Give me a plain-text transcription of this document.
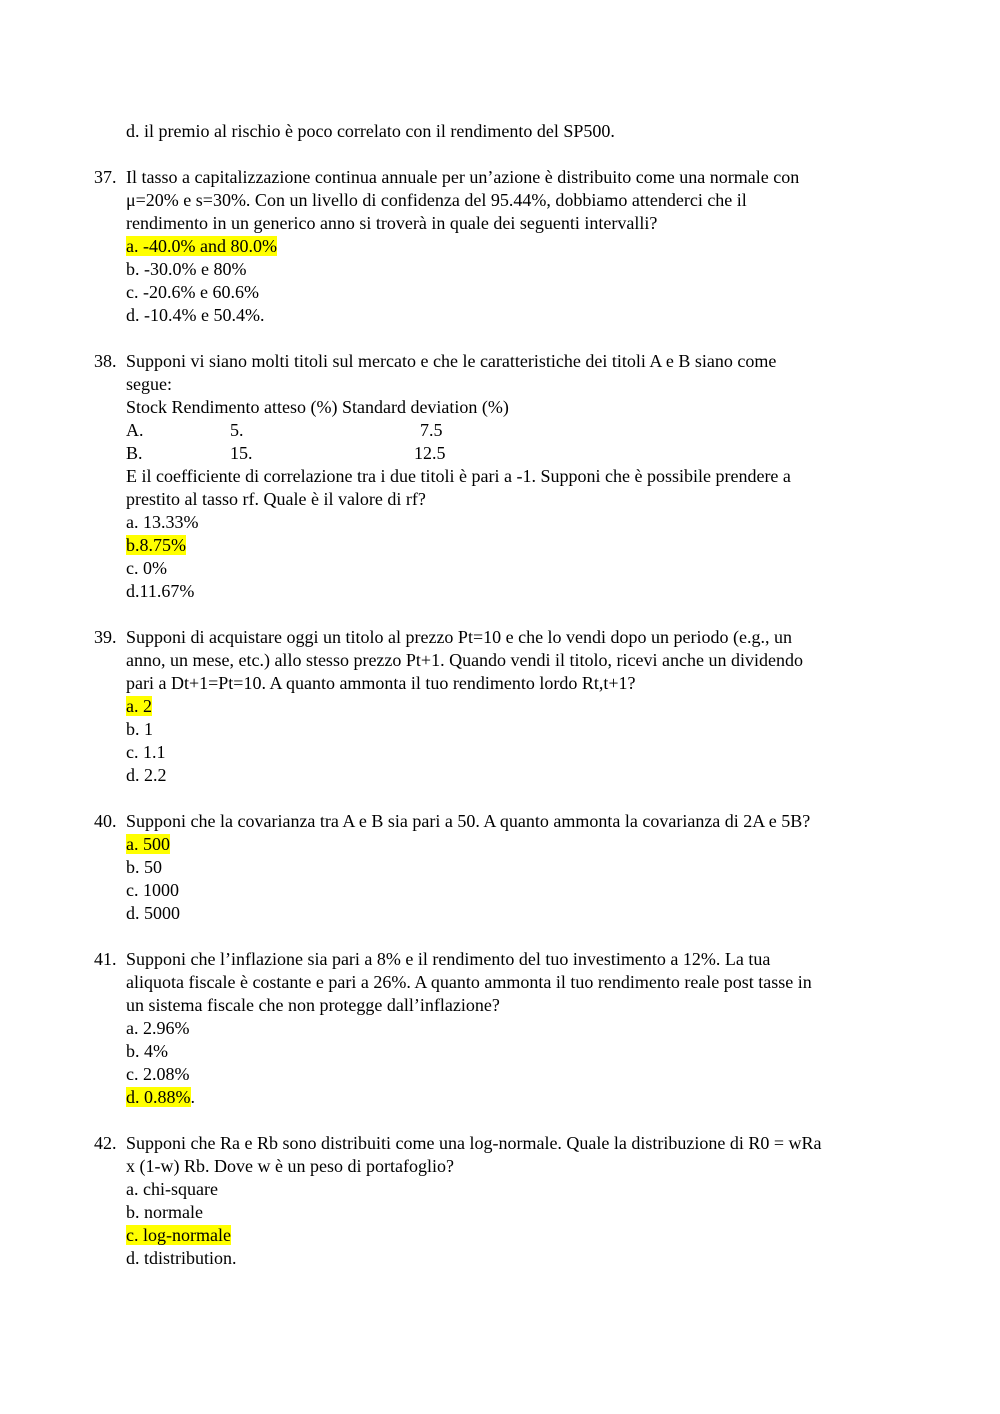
d. il premio al rischio è poco correlato con il rendimento del SP500.
37. Il tasso a capitalizzazione continua annuale per un’azione è distribuito come una normale con
μ=20% e s=30%. Con un livello di confidenza del 95.44%, dobbiamo attenderci che il
rendimento in un generico anno si troverà in quale dei seguenti intervalli?
a. -40.0% and 80.0%
b. -30.0% e 80%
c. -20.6% e 60.6%
d. -10.4% e 50.4%.
38. Supponi vi siano molti titoli sul mercato e che le caratteristiche dei titoli A e B siano come
segue:
Stock Rendimento atteso (%) Standard deviation (%)
A.	5.	7.5
B.	15.	12.5
E il coefficiente di correlazione tra i due titoli è pari a -1. Supponi che è possibile prendere a
prestito al tasso rf. Quale è il valore di rf?
a. 13.33%
b.8.75%
c. 0%
d.11.67%
39. Supponi di acquistare oggi un titolo al prezzo Pt=10 e che lo vendi dopo un periodo (e.g., un
anno, un mese, etc.) allo stesso prezzo Pt+1. Quando vendi il titolo, ricevi anche un dividendo
pari a Dt+1=Pt=10. A quanto ammonta il tuo rendimento lordo Rt,t+1?
a. 2
b. 1
c. 1.1
d. 2.2
40. Supponi che la covarianza tra A e B sia pari a 50. A quanto ammonta la covarianza di 2A e 5B?
a. 500
b. 50
c. 1000
d. 5000
41. Supponi che l’inflazione sia pari a 8% e il rendimento del tuo investimento a 12%. La tua
aliquota fiscale è costante e pari a 26%. A quanto ammonta il tuo rendimento reale post tasse in
un sistema fiscale che non protegge dall’inflazione?
a. 2.96%
b. 4%
c. 2.08%
d. 0.88%.
42. Supponi che Ra e Rb sono distribuiti come una log-normale. Quale la distribuzione di R0 = wRa
x (1-w) Rb. Dove w è un peso di portafoglio?
a. chi-square
b. normale
c. log-normale
d. tdistribution.
